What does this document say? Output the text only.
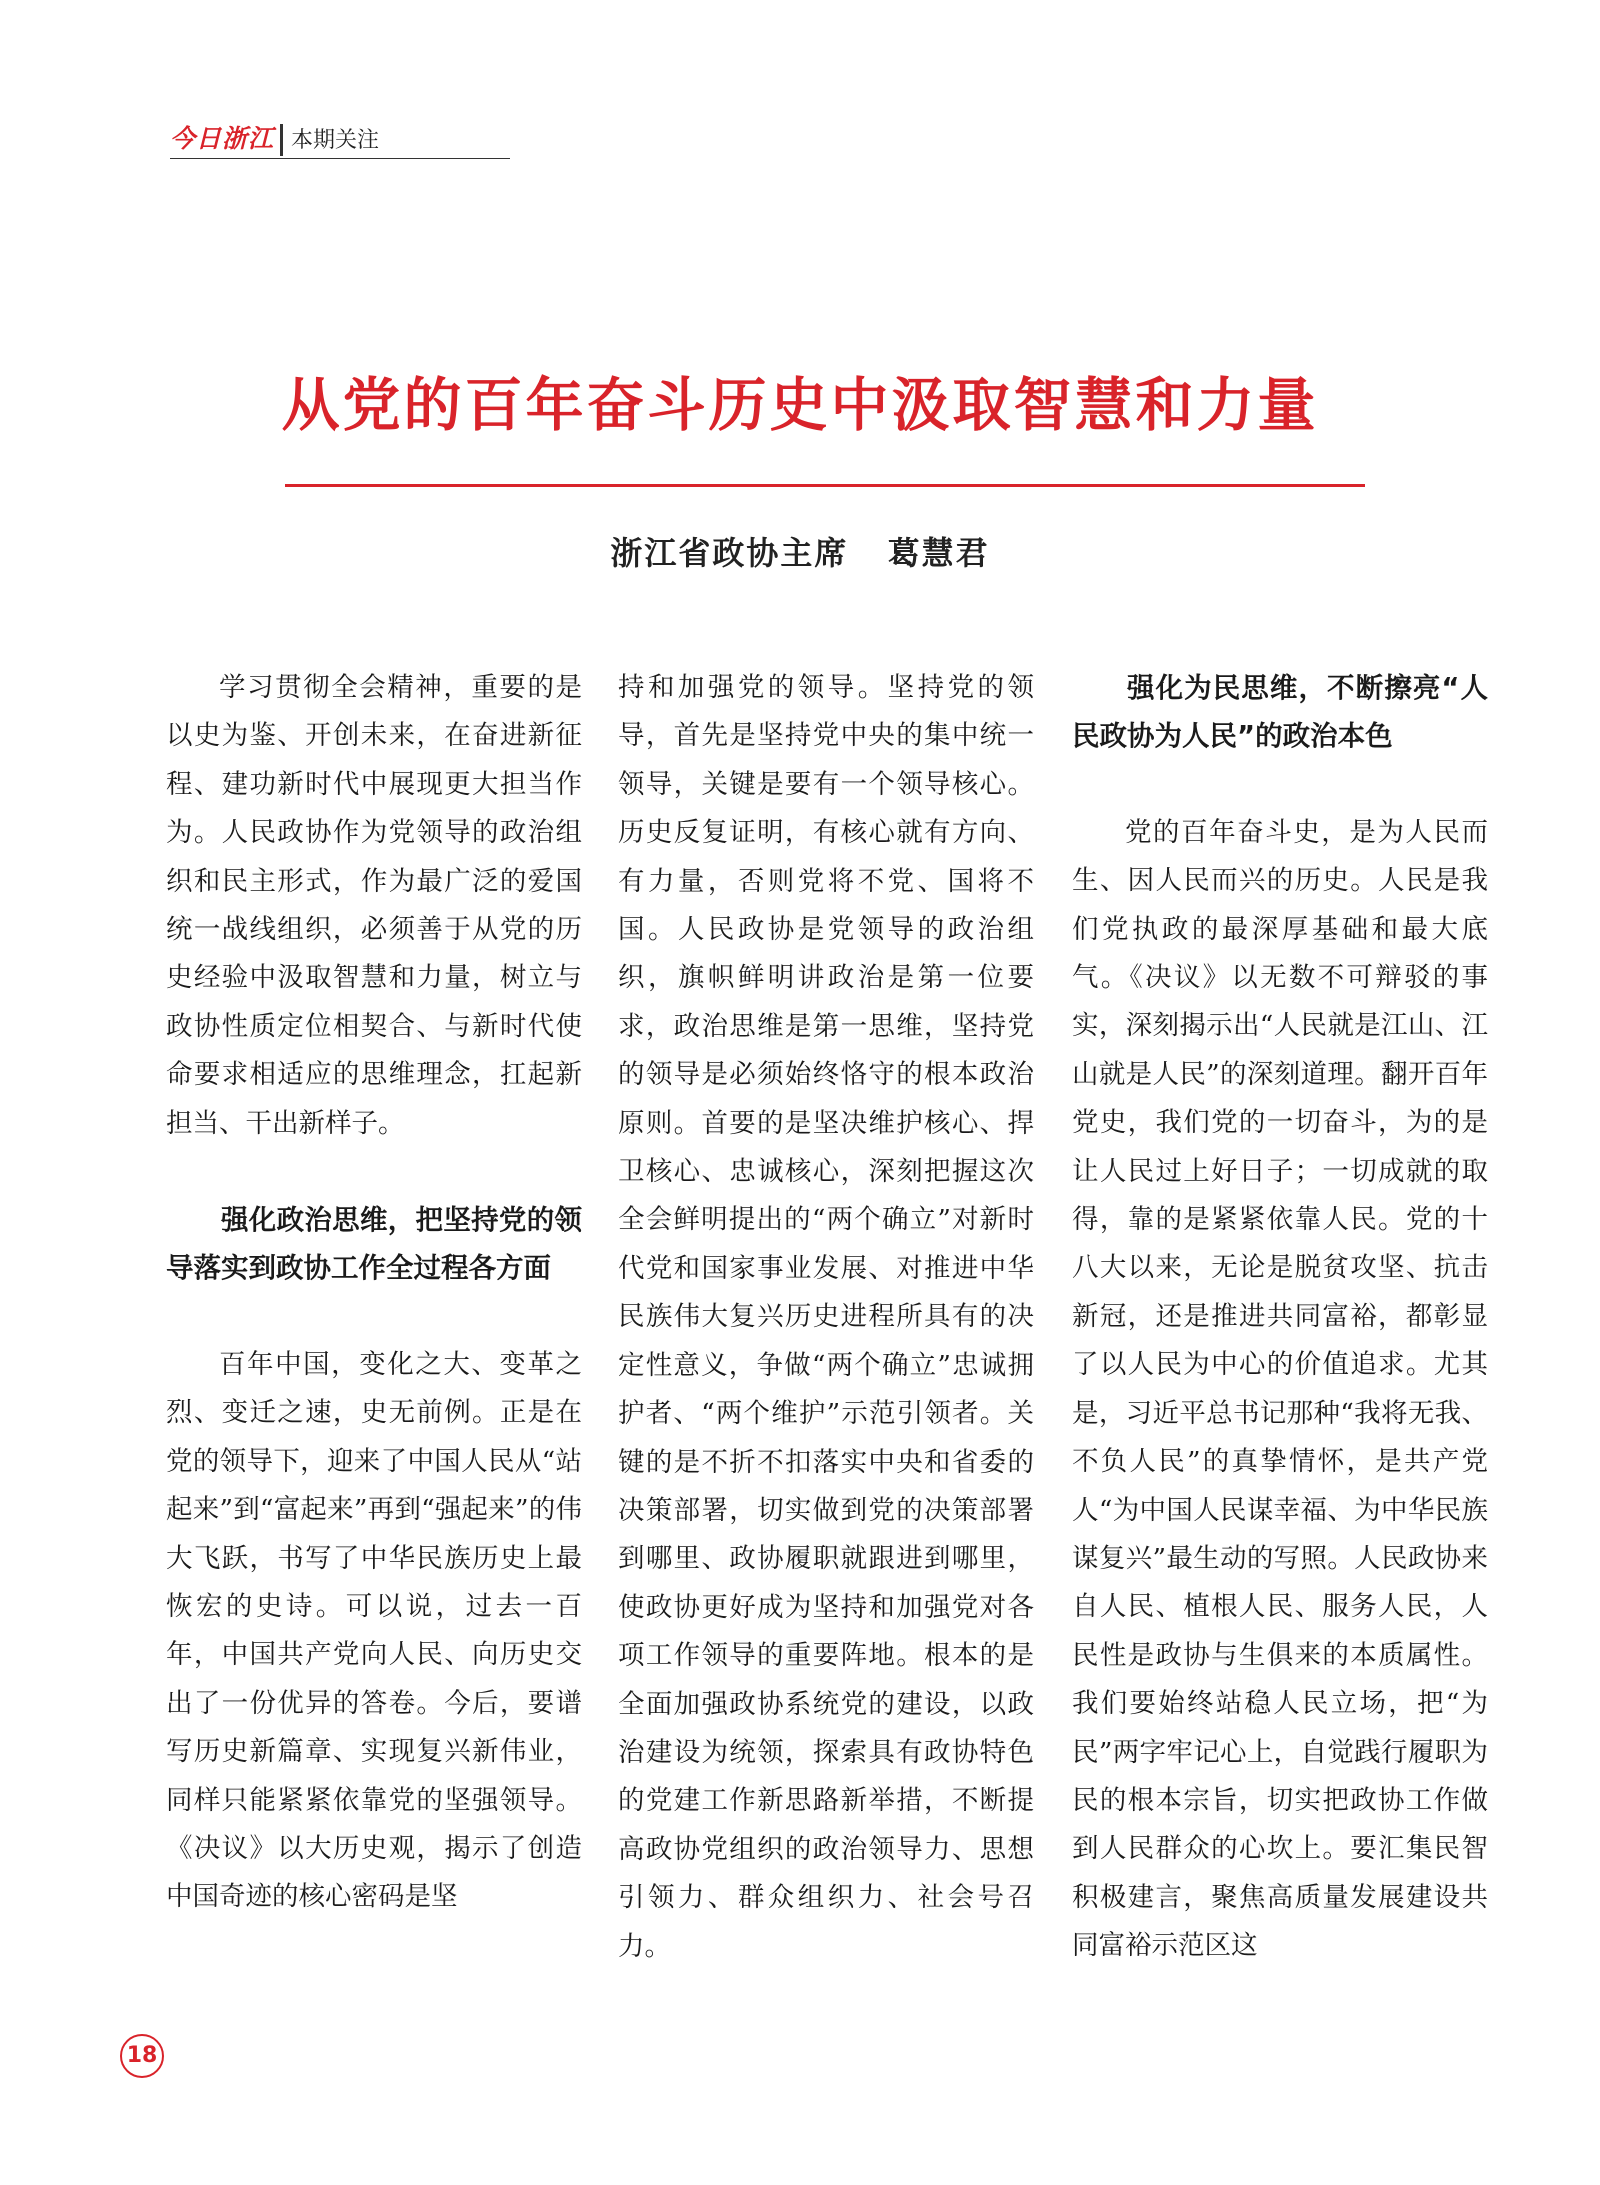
今日浙江 本期关注
从党的百年奋斗历史中汲取智慧和力量
浙江省政协主席 葛慧君

学习贯彻全会精神，重要的是以史为鉴、开创未来，在奋进新征程、建功新时代中展现更大担当作为。人民政协作为党领导的政治组织和民主形式，作为最广泛的爱国统一战线组织，必须善于从党的历史经验中汲取智慧和力量，树立与政协性质定位相契合、与新时代使命要求相适应的思维理念，扛起新担当、干出新样子。

强化政治思维，把坚持党的领导落实到政协工作全过程各方面

百年中国，变化之大、变革之烈、变迁之速，史无前例。正是在党的领导下，迎来了中国人民从“站起来”到“富起来”再到“强起来”的伟大飞跃，书写了中华民族历史上最恢宏的史诗。可以说，过去一百年，中国共产党向人民、向历史交出了一份优异的答卷。今后，要谱写历史新篇章、实现复兴新伟业，同样只能紧紧依靠党的坚强领导。《决议》以大历史观，揭示了创造中国奇迹的核心密码是坚

持和加强党的领导。坚持党的领导，首先是坚持党中央的集中统一领导，关键是要有一个领导核心。历史反复证明，有核心就有方向、有力量，否则党将不党、国将不国。人民政协是党领导的政治组织，旗帜鲜明讲政治是第一位要求，政治思维是第一思维，坚持党的领导是必须始终恪守的根本政治原则。首要的是坚决维护核心、捍卫核心、忠诚核心，深刻把握这次全会鲜明提出的“两个确立”对新时代党和国家事业发展、对推进中华民族伟大复兴历史进程所具有的决定性意义，争做“两个确立”忠诚拥护者、“两个维护”示范引领者。关键的是不折不扣落实中央和省委的决策部署，切实做到党的决策部署到哪里、政协履职就跟进到哪里，使政协更好成为坚持和加强党对各项工作领导的重要阵地。根本的是全面加强政协系统党的建设，以政治建设为统领，探索具有政协特色的党建工作新思路新举措，不断提高政协党组织的政治领导力、思想引领力、群众组织力、社会号召力。

强化为民思维，不断擦亮“人民政协为人民”的政治本色

党的百年奋斗史，是为人民而生、因人民而兴的历史。人民是我们党执政的最深厚基础和最大底气。《决议》以无数不可辩驳的事实，深刻揭示出“人民就是江山、江山就是人民”的深刻道理。翻开百年党史，我们党的一切奋斗，为的是让人民过上好日子；一切成就的取得，靠的是紧紧依靠人民。党的十八大以来，无论是脱贫攻坚、抗击新冠，还是推进共同富裕，都彰显了以人民为中心的价值追求。尤其是，习近平总书记那种“我将无我、不负人民”的真挚情怀，是共产党人“为中国人民谋幸福、为中华民族谋复兴”最生动的写照。人民政协来自人民、植根人民、服务人民，人民性是政协与生俱来的本质属性。我们要始终站稳人民立场，把“为民”两字牢记心上，自觉践行履职为民的根本宗旨，切实把政协工作做到人民群众的心坎上。要汇集民智积极建言，聚焦高质量发展建设共同富裕示范区这

18
